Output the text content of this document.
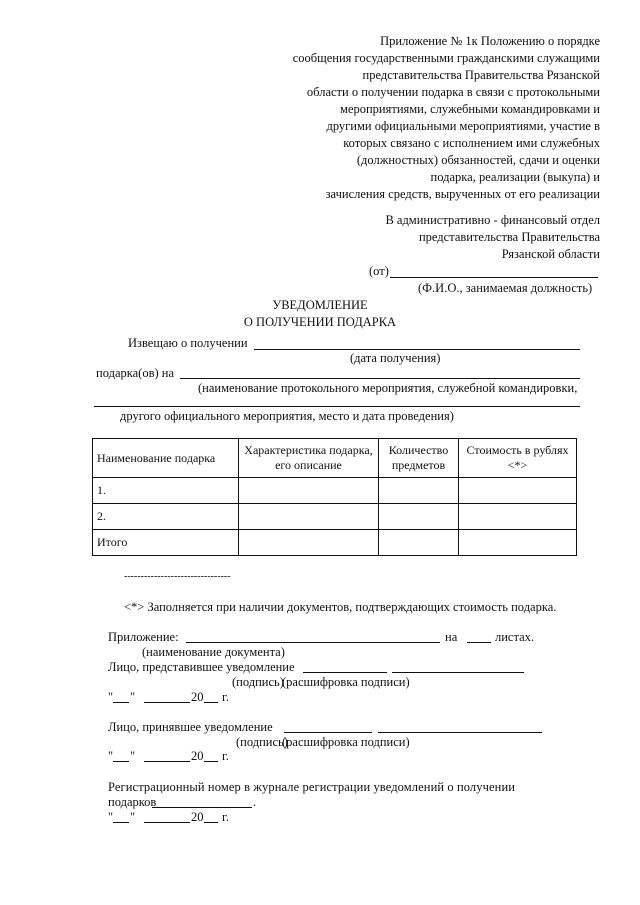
Приложение № 1к Положению о порядке
сообщения государственными гражданскими служащими
представительства Правительства Рязанской
области о получении подарка в связи с протокольными
мероприятиями, служебными командировками и
другими официальными мероприятиями, участие в
которых связано с исполнением ими служебных
(должностных) обязанностей, сдачи и оценки
подарка, реализации (выкупа) и
зачисления средств, вырученных от его реализации
В административно - финансовый отдел
представительства Правительства
Рязанской области
(от)
(Ф.И.О., занимаемая должность)
УВЕДОМЛЕНИЕ
О ПОЛУЧЕНИИ ПОДАРКА
Извещаю о получении
(дата получения)
подарка(ов) на
(наименование протокольного мероприятия, служебной командировки,
другого официального мероприятия, место и дата проведения)
Наименование подарка	Характеристика подарка, его описание	Количество предметов	Стоимость в рублях <*>
1.			
2.			
Итого			
--------------------------------
<*> Заполняется при наличии документов, подтверждающих стоимость подарка.
Приложение:	на	листах.
(наименование документа)
Лицо, представившее уведомление
(подпись)
(расшифровка подписи)
" "	20 г.
Лицо, принявшее уведомление
(подпись)
(расшифровка подписи)
" "	20 г.
Регистрационный номер в журнале регистрации уведомлений о получении
подарков	.
" "	20 г.
